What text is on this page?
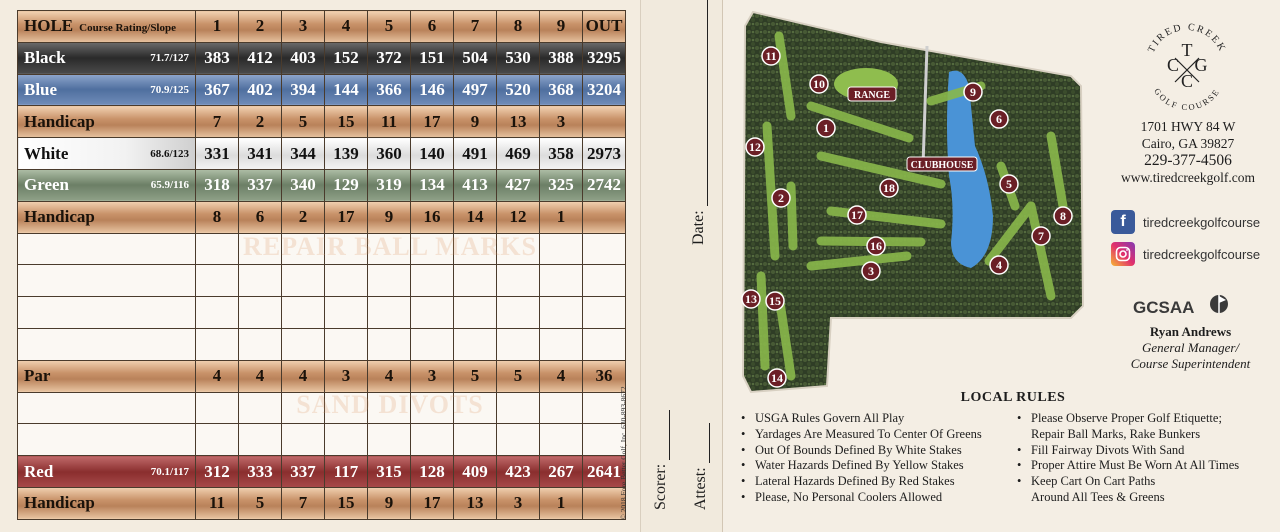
HOLE Course Rating/Slope	1	2	3	4	5	6	7	8	9	OUT
Black 71.7/127	383	412	403	152	372	151	504	530	388	3295
Blue 70.9/125	367	402	394	144	366	146	497	520	368	3204
Handicap	7	2	5	15	11	17	9	13	3	
White 68.6/123	331	341	344	139	360	140	491	469	358	2973
Green 65.9/116	318	337	340	129	319	134	413	427	325	2742
Handicap	8	6	2	17	9	16	14	12	1	

Par	4	4	4	3	4	3	5	5	4	36

Red 70.1/117	312	333	337	117	315	128	409	423	267	2641
Handicap	11	5	7	15	9	17	13	3	1	
REPAIR BALL MARKS
SAND DIVOTS	© 2018 Fore Better Golf, Inc. 630-893-8672
Date:
Scorer: Attest:
RANGE
CLUBHOUSE
1
2
3	4
5
6
7
8
9
10
11
12
13
14
15
16
17
18
TIRED CREEK
GOLF COURSE
T
C G
C
1701 HWY 84 W
Cairo, GA 39827
229-377-4506
www.tiredcreekgolf.com
f	tiredcreekgolfcourse
tiredcreekgolfcourse
GCSAA
Ryan Andrews
General Manager/
Course Superintendent
LOCAL RULES
• USGA Rules Govern All Play
• Yardages Are Measured To Center Of Greens
• Out Of Bounds Defined By White Stakes
• Water Hazards Defined By Yellow Stakes
• Lateral Hazards Defined By Red Stakes
• Please, No Personal Coolers Allowed
• Please Observe Proper Golf Etiquette;
Repair Ball Marks, Rake Bunkers
• Fill Fairway Divots With Sand
• Proper Attire Must Be Worn At All Times
• Keep Cart On Cart Paths
Around All Tees & Greens
